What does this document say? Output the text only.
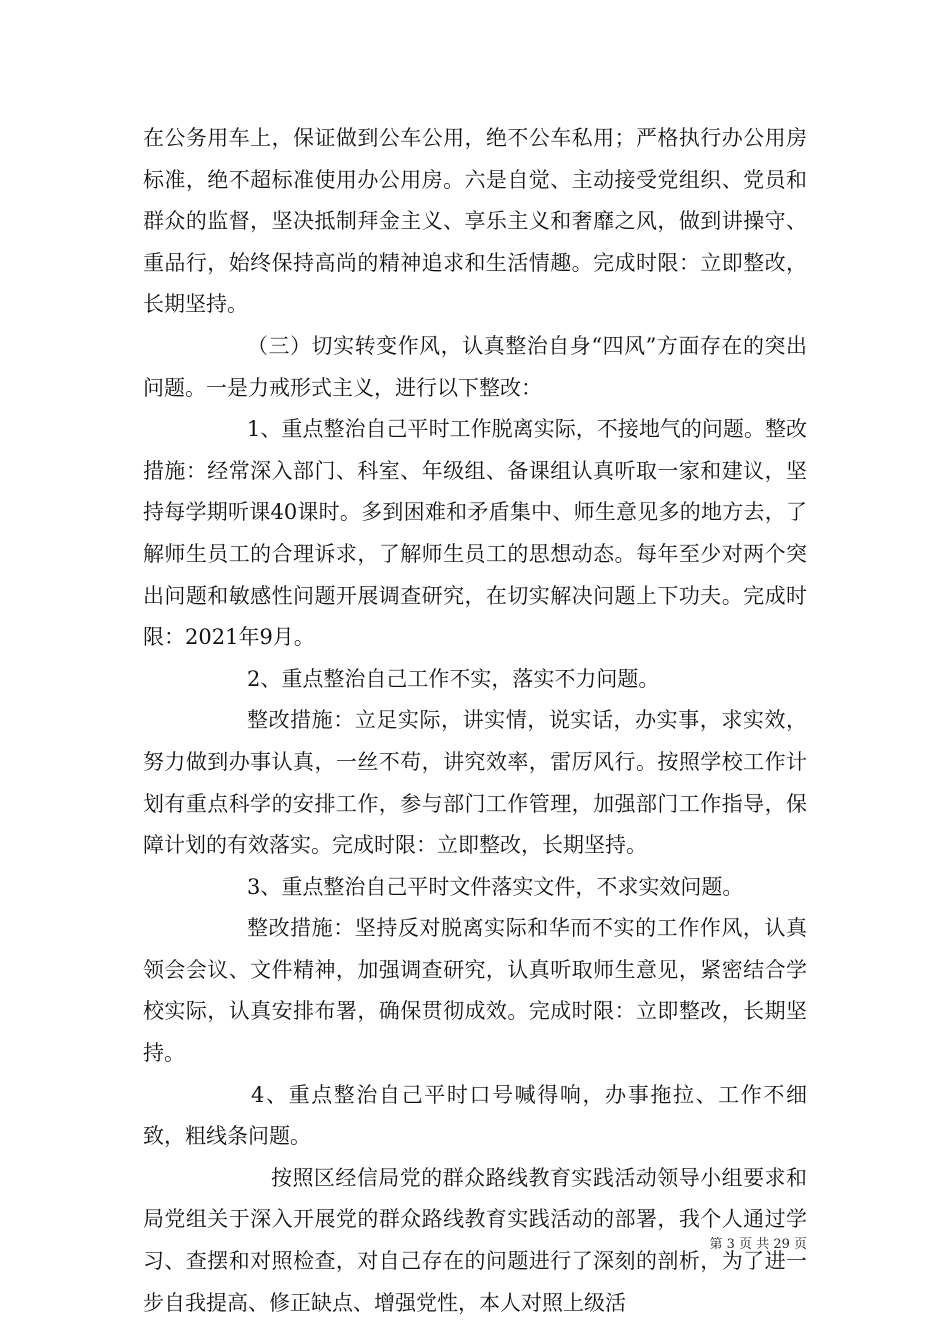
在公务用车上，保证做到公车公用，绝不公车私用；严格执行办公用房标准，绝不超标准使用办公用房。六是自觉、主动接受党组织、党员和群众的监督，坚决抵制拜金主义、享乐主义和奢靡之风，做到讲操守、重品行，始终保持高尚的精神追求和生活情趣。完成时限：立即整改，长期坚持。

（三）切实转变作风，认真整治自身“四风”方面存在的突出问题。一是力戒形式主义，进行以下整改：

1、重点整治自己平时工作脱离实际，不接地气的问题。整改措施：经常深入部门、科室、年级组、备课组认真听取一家和建议，坚持每学期听课40课时。多到困难和矛盾集中、师生意见多的地方去，了解师生员工的合理诉求，了解师生员工的思想动态。每年至少对两个突出问题和敏感性问题开展调查研究，在切实解决问题上下功夫。完成时限：2021年9月。

2、重点整治自己工作不实，落实不力问题。

整改措施：立足实际，讲实情，说实话，办实事，求实效，努力做到办事认真，一丝不苟，讲究效率，雷厉风行。按照学校工作计划有重点科学的安排工作，参与部门工作管理，加强部门工作指导，保障计划的有效落实。完成时限：立即整改，长期坚持。

3、重点整治自己平时文件落实文件，不求实效问题。

整改措施：坚持反对脱离实际和华而不实的工作作风，认真领会会议、文件精神，加强调查研究，认真听取师生意见，紧密结合学校实际，认真安排布署，确保贯彻成效。完成时限：立即整改，长期坚持。

4、重点整治自己平时口号喊得响，办事拖拉、工作不细致，粗线条问题。

按照区经信局党的群众路线教育实践活动领导小组要求和局党组关于深入开展党的群众路线教育实践活动的部署，我个人通过学习、查摆和对照检查，对自己存在的问题进行了深刻的剖析，为了进一步自我提高、修正缺点、增强党性，本人对照上级活

第 3 页 共 29 页
